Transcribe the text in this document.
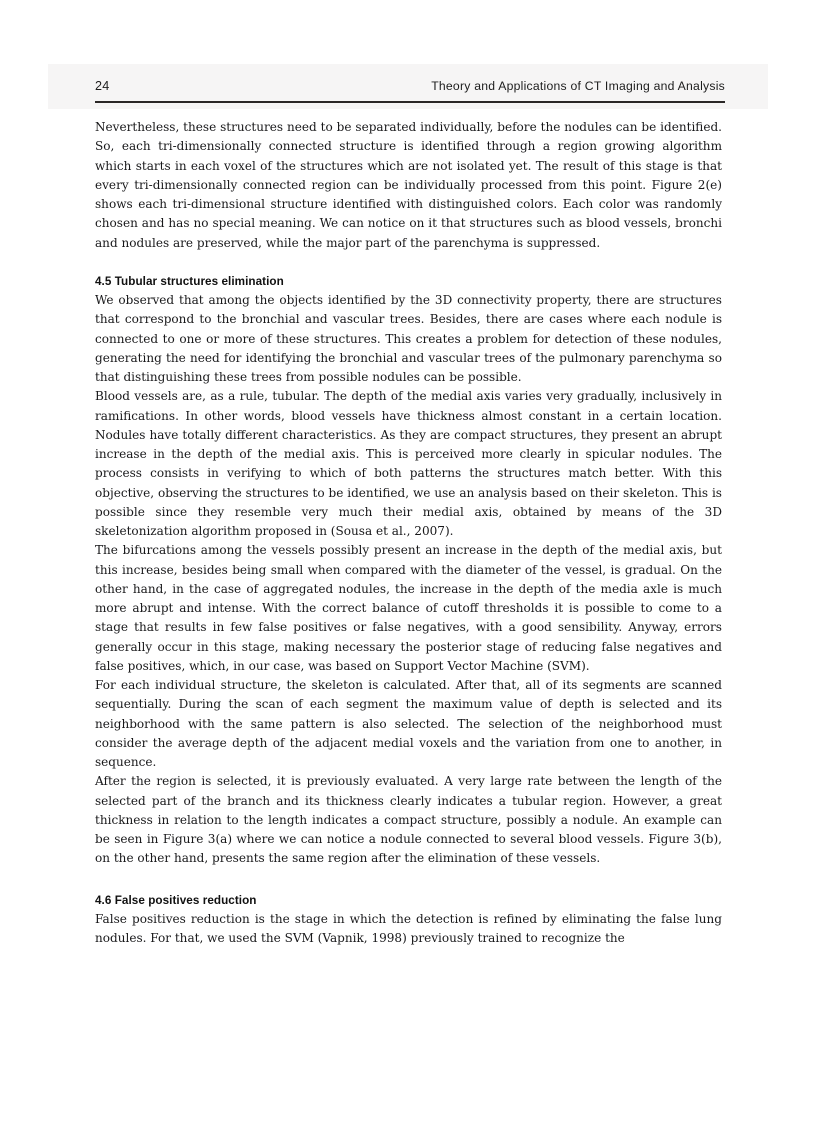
24	Theory and Applications of CT Imaging and Analysis

Nevertheless, these structures need to be separated individually, before the nodules can be identified. So, each tri-dimensionally connected structure is identified through a region growing algorithm which starts in each voxel of the structures which are not isolated yet. The result of this stage is that every tri-dimensionally connected region can be individually processed from this point. Figure 2(e) shows each tri-dimensional structure identified with distinguished colors. Each color was randomly chosen and has no special meaning. We can notice on it that structures such as blood vessels, bronchi and nodules are preserved, while the major part of the parenchyma is suppressed.

4.5 Tubular structures elimination

We observed that among the objects identified by the 3D connectivity property, there are structures that correspond to the bronchial and vascular trees. Besides, there are cases where each nodule is connected to one or more of these structures. This creates a problem for detection of these nodules, generating the need for identifying the bronchial and vascular trees of the pulmonary parenchyma so that distinguishing these trees from possible nodules can be possible.

Blood vessels are, as a rule, tubular. The depth of the medial axis varies very gradually, inclusively in ramifications. In other words, blood vessels have thickness almost constant in a certain location. Nodules have totally different characteristics. As they are compact structures, they present an abrupt increase in the depth of the medial axis. This is perceived more clearly in spicular nodules. The process consists in verifying to which of both patterns the structures match better. With this objective, observing the structures to be identified, we use an analysis based on their skeleton. This is possible since they resemble very much their medial axis, obtained by means of the 3D skeletonization algorithm proposed in (Sousa et al., 2007).

The bifurcations among the vessels possibly present an increase in the depth of the medial axis, but this increase, besides being small when compared with the diameter of the vessel, is gradual. On the other hand, in the case of aggregated nodules, the increase in the depth of the media axle is much more abrupt and intense. With the correct balance of cutoff thresholds it is possible to come to a stage that results in few false positives or false negatives, with a good sensibility. Anyway, errors generally occur in this stage, making necessary the posterior stage of reducing false negatives and false positives, which, in our case, was based on Support Vector Machine (SVM).

For each individual structure, the skeleton is calculated. After that, all of its segments are scanned sequentially. During the scan of each segment the maximum value of depth is selected and its neighborhood with the same pattern is also selected. The selection of the neighborhood must consider the average depth of the adjacent medial voxels and the variation from one to another, in sequence.

After the region is selected, it is previously evaluated. A very large rate between the length of the selected part of the branch and its thickness clearly indicates a tubular region. However, a great thickness in relation to the length indicates a compact structure, possibly a nodule. An example can be seen in Figure 3(a) where we can notice a nodule connected to several blood vessels. Figure 3(b), on the other hand, presents the same region after the elimination of these vessels.

4.6 False positives reduction

False positives reduction is the stage in which the detection is refined by eliminating the false lung nodules. For that, we used the SVM (Vapnik, 1998) previously trained to recognize the
